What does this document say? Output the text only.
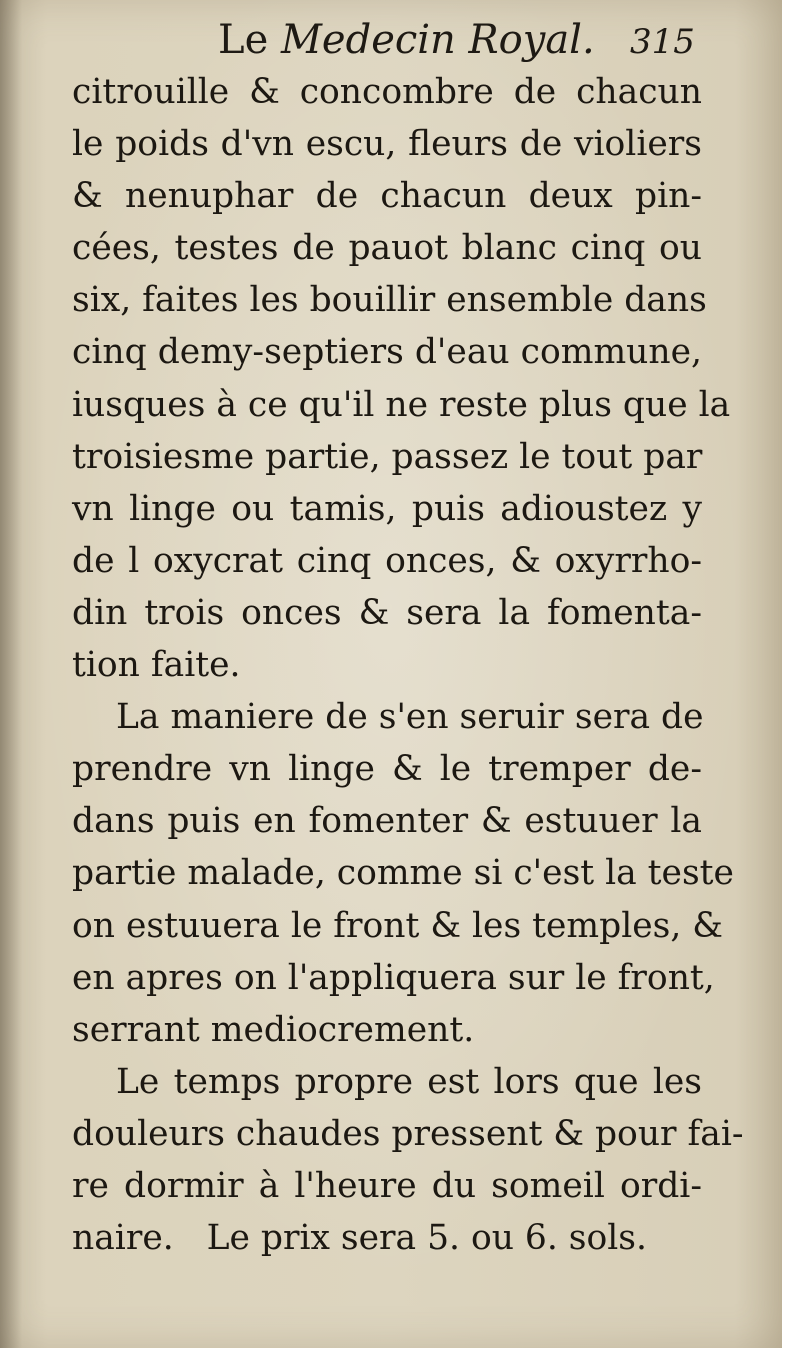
Le Medecin Royal. 315
citrouille & concombre de chacun
le poids d'vn escu, fleurs de violiers
& nenuphar de chacun deux pin-
cées, testes de pauot blanc cinq ou
six, faites les bouillir ensemble dans
cinq demy-septiers d'eau commune,
iusques à ce qu'il ne reste plus que la
troisiesme partie, passez le tout par
vn linge ou tamis, puis adioustez y
de l oxycrat cinq onces, & oxyrrho-
din trois onces & sera la fomenta-
tion faite.
La maniere de s'en seruir sera de
prendre vn linge & le tremper de-
dans puis en fomenter & estuuer la
partie malade, comme si c'est la teste
on estuuera le front & les temples, &
en apres on l'appliquera sur le front,
serrant mediocrement.
Le temps propre est lors que les
douleurs chaudes pressent & pour fai-
re dormir à l'heure du someil ordi-
naire.   Le prix sera 5. ou 6. sols.
